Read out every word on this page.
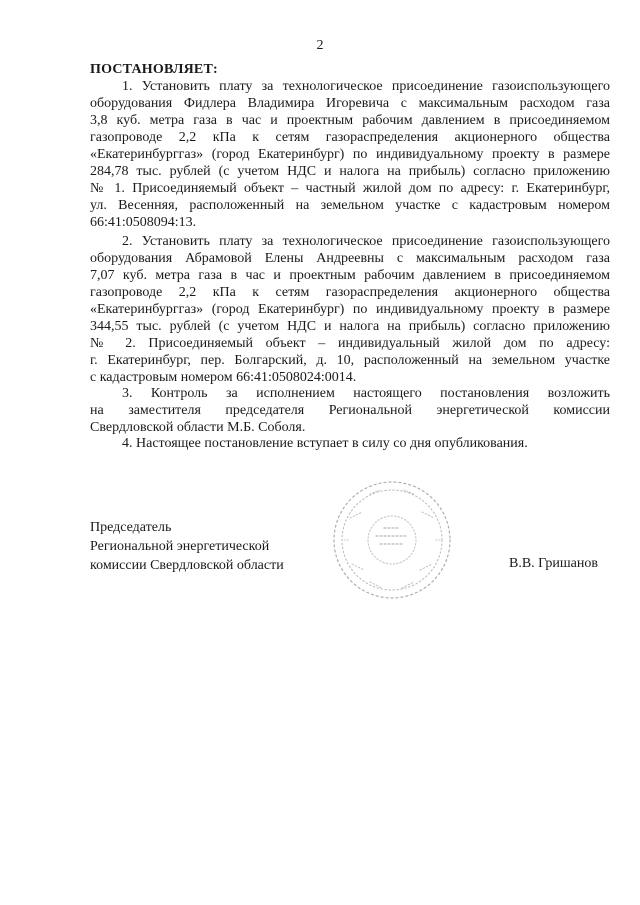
2
ПОСТАНОВЛЯЕТ:
1. Установить плату за технологическое присоединение газоиспользующего
оборудования Фидлера Владимира Игоревича с максимальным расходом газа
3,8 куб. метра газа в час и проектным рабочим давлением в присоединяемом
газопроводе 2,2 кПа к сетям газораспределения акционерного общества
«Екатеринбурггаз» (город Екатеринбург) по индивидуальному проекту в размере
284,78 тыс. рублей (с учетом НДС и налога на прибыль) согласно приложению
№ 1. Присоединяемый объект – частный жилой дом по адресу: г. Екатеринбург,
ул. Весенняя, расположенный на земельном участке с кадастровым номером
66:41:0508094:13.
2. Установить плату за технологическое присоединение газоиспользующего
оборудования Абрамовой Елены Андреевны с максимальным расходом газа
7,07 куб. метра газа в час и проектным рабочим давлением в присоединяемом
газопроводе 2,2 кПа к сетям газораспределения акционерного общества
«Екатеринбурггаз» (город Екатеринбург) по индивидуальному проекту в размере
344,55 тыс. рублей (с учетом НДС и налога на прибыль) согласно приложению
№ 2. Присоединяемый объект – индивидуальный жилой дом по адресу:
г. Екатеринбург, пер. Болгарский, д. 10, расположенный на земельном участке
с кадастровым номером 66:41:0508024:0014.
3. Контроль за исполнением настоящего постановления возложить
на заместителя председателя Региональной энергетической комиссии
Свердловской области М.Б. Соболя.
4. Настоящее постановление вступает в силу со дня опубликования.
Председатель
Региональной энергетической
комиссии Свердловской области	В.В. Гришанов
